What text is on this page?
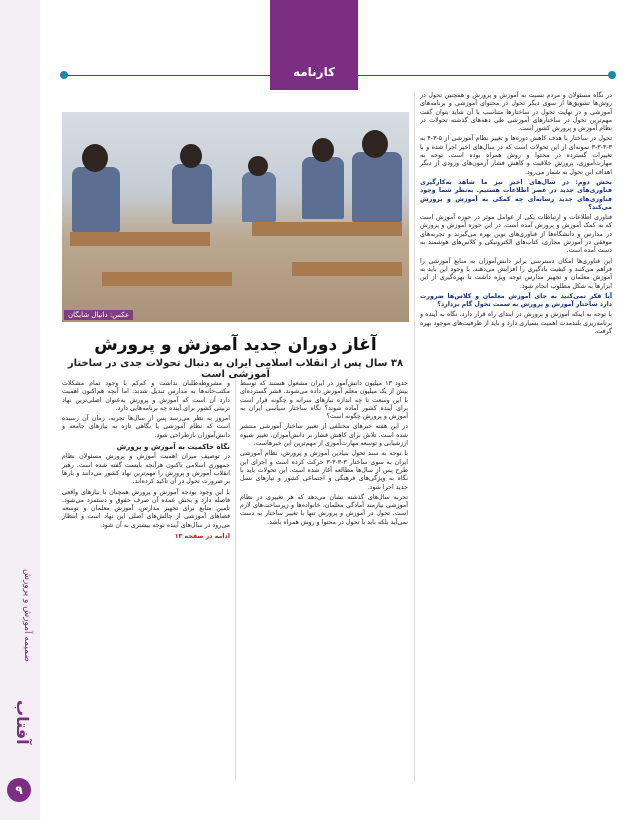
ضمیمه آموزش و پرورش
آفتاب
۹
کارنامه
عکس: دانیال شایگان
آغاز دوران جدید آموزش و پرورش
۳۸ سال پس از انقلاب اسلامی ایران به دنبال تحولات جدی در ساختار آموزشی است

در نگاه مسئولان و مردم نسبت به آموزش و پرورش و همچنین تحول در روش‌ها تشویق‌ها از سوی دیگر تحول در محتوای آموزشی و برنامه‌های آموزشی و در نهایت تحول در ساختارها متناسب با آن شاید بتوان گفت مهم‌ترین تحول در ساختارهای آموزشی طی دهه‌های گذشته تحولات در نظام آموزش و پرورش کشور است.

تحول در ساختار با هدف کاهش دوره‌ها و تغییر نظام آموزشی از ۵-۳-۴ به ۳-۳-۳-۳ نمونه‌ای از این تحولات است که در سال‌های اخیر اجرا شده و با تغییرات گسترده در محتوا و روش همراه بوده است. توجه به مهارت‌آموزی، پرورش خلاقیت و کاهش فشار آزمون‌های ورودی از دیگر اهداف این تحول به شمار می‌رود.

بخش دوم: در سال‌های اخیر نیز ما شاهد به‌کارگیری فناوری‌های جدید در عصر اطلاعات هستیم. به‌نظر شما وجود فناوری‌های جدید رسانه‌ای چه کمکی به آموزش و پرورش می‌کند؟

فناوری اطلاعات و ارتباطات یکی از عوامل موثر در حوزه آموزش است که به کمک آموزش و پرورش آمده است. در این حوزه آموزش و پرورش در مدارس و دانشگاه‌ها از فناوری‌های نوین بهره می‌گیرند و تجربه‌های موفقی در آموزش مجازی، کتاب‌های الکترونیکی و کلاس‌های هوشمند به دست آمده است.

این فناوری‌ها امکان دسترسی برابر دانش‌آموزان به منابع آموزشی را فراهم می‌کنند و کیفیت یادگیری را افزایش می‌دهند. با وجود این باید به آموزش معلمان و تجهیز مدارس توجه ویژه داشت تا بهره‌گیری از این ابزارها به شکل مطلوب انجام شود.

آیا فکر نمی‌کنید به جای آموزش معلمان و کلاس‌ها ضرورت دارد ساختار آموزش و پرورش به سمت تحول گام بردارد؟

با توجه به اینکه آموزش و پرورش در ابتدای راه قرار دارد، نگاه به آینده و برنامه‌ریزی بلندمدت اهمیت بسیاری دارد و باید از ظرفیت‌های موجود بهره گرفت.

حدود ۱۳ میلیون دانش‌آموز در ایران مشغول هستند که توسط بیش از یک میلیون معلم آموزش داده می‌شوند. قشر گسترده‌ای با این وسعت تا چه اندازه نیازهای سرانه و چگونه قرار است برای آینده کشور آماده شوند؟ نگاه ساختار سیاسی ایران به آموزش و پرورش چگونه است؟

در این هفته خبرهای مختلفی از تغییر ساختار آموزشی منتشر شده است. تلاش برای کاهش فشار بر دانش‌آموزان، تغییر شیوه ارزشیابی و توسعه مهارت‌آموزی از مهم‌ترین این خبرهاست.

با توجه به سند تحول بنیادین آموزش و پرورش، نظام آموزشی ایران به سوی ساختار ۳-۳-۳-۳ حرکت کرده است و اجرای این طرح پس از سال‌ها مطالعه آغاز شده است. این تحولات باید با نگاه به ویژگی‌های فرهنگی و اجتماعی کشور و نیازهای نسل جدید اجرا شود.

تجربه سال‌های گذشته نشان می‌دهد که هر تغییری در نظام آموزشی نیازمند آمادگی معلمان، خانواده‌ها و زیرساخت‌های لازم است. تحول در آموزش و پرورش تنها با تغییر ساختار به دست نمی‌آید بلکه باید با تحول در محتوا و روش همراه باشد.

و مشروطه‌طلبان نداشت و کم‌کم با وجود تمام مشکلات مکتب‌خانه‌ها به مدارس تبدیل شدند. اما آنچه هم‌اکنون اهمیت دارد آن است که آموزش و پرورش به‌عنوان اصلی‌ترین نهاد تربیتی کشور برای آینده چه برنامه‌هایی دارد.

امروز به نظر می‌رسد پس از سال‌ها تجربه، زمان آن رسیده است که نظام آموزشی با نگاهی تازه به نیازهای جامعه و دانش‌آموزان بازطراحی شود.

نگاه حاکمیت به آموزش و پرورش

در توصیف میزان اهمیت آموزش و پرورش مسئولان نظام جمهوری اسلامی تاکنون هرآنچه بایست گفته شده است. رهبر انقلاب آموزش و پرورش را مهم‌ترین نهاد کشور می‌دانند و بارها بر ضرورت تحول در آن تاکید کرده‌اند.

با این وجود بودجه آموزش و پرورش همچنان با نیازهای واقعی فاصله دارد و بخش عمده آن صرف حقوق و دستمزد می‌شود. تامین منابع برای تجهیز مدارس، آموزش معلمان و توسعه فضاهای آموزشی از چالش‌های اصلی این نهاد است و انتظار می‌رود در سال‌های آینده توجه بیشتری به آن شود.

ادامه در صفحه ۱۳
